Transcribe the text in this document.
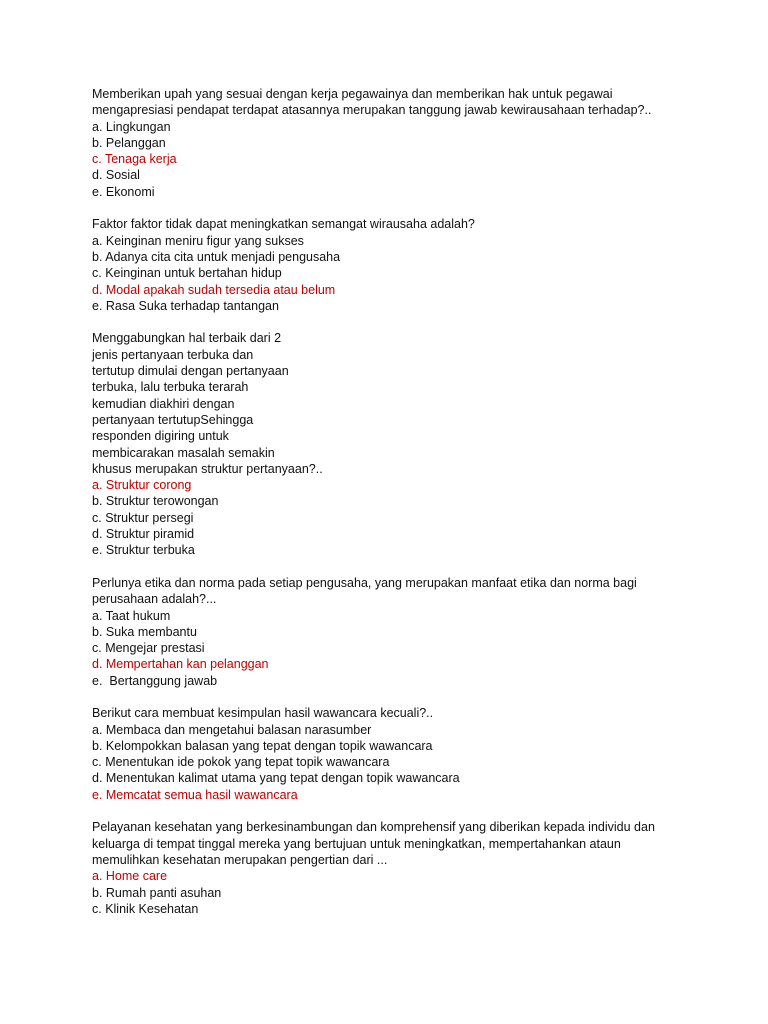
Memberikan upah yang sesuai dengan kerja pegawainya dan memberikan hak untuk pegawai
mengapresiasi pendapat terdapat atasannya merupakan tanggung jawab kewirausahaan terhadap?..
a. Lingkungan
b. Pelanggan
c. Tenaga kerja
d. Sosial
e. Ekonomi
Faktor faktor tidak dapat meningkatkan semangat wirausaha adalah?
a. Keinginan meniru figur yang sukses
b. Adanya cita cita untuk menjadi pengusaha
c. Keinginan untuk bertahan hidup
d. Modal apakah sudah tersedia atau belum
e. Rasa Suka terhadap tantangan
Menggabungkan hal terbaik dari 2
jenis pertanyaan terbuka dan
tertutup dimulai dengan pertanyaan
terbuka, lalu terbuka terarah
kemudian diakhiri dengan
pertanyaan tertutupSehingga
responden digiring untuk
membicarakan masalah semakin
khusus merupakan struktur pertanyaan?..
a. Struktur corong
b. Struktur terowongan
c. Struktur persegi
d. Struktur piramid
e. Struktur terbuka
Perlunya etika dan norma pada setiap pengusaha, yang merupakan manfaat etika dan norma bagi
perusahaan adalah?...
a. Taat hukum
b. Suka membantu
c. Mengejar prestasi
d. Mempertahan kan pelanggan
e.  Bertanggung jawab
Berikut cara membuat kesimpulan hasil wawancara kecuali?..
a. Membaca dan mengetahui balasan narasumber
b. Kelompokkan balasan yang tepat dengan topik wawancara
c. Menentukan ide pokok yang tepat topik wawancara
d. Menentukan kalimat utama yang tepat dengan topik wawancara
e. Memcatat semua hasil wawancara
Pelayanan kesehatan yang berkesinambungan dan komprehensif yang diberikan kepada individu dan
keluarga di tempat tinggal mereka yang bertujuan untuk meningkatkan, mempertahankan ataun
memulihkan kesehatan merupakan pengertian dari ...
a. Home care
b. Rumah panti asuhan
c. Klinik Kesehatan
